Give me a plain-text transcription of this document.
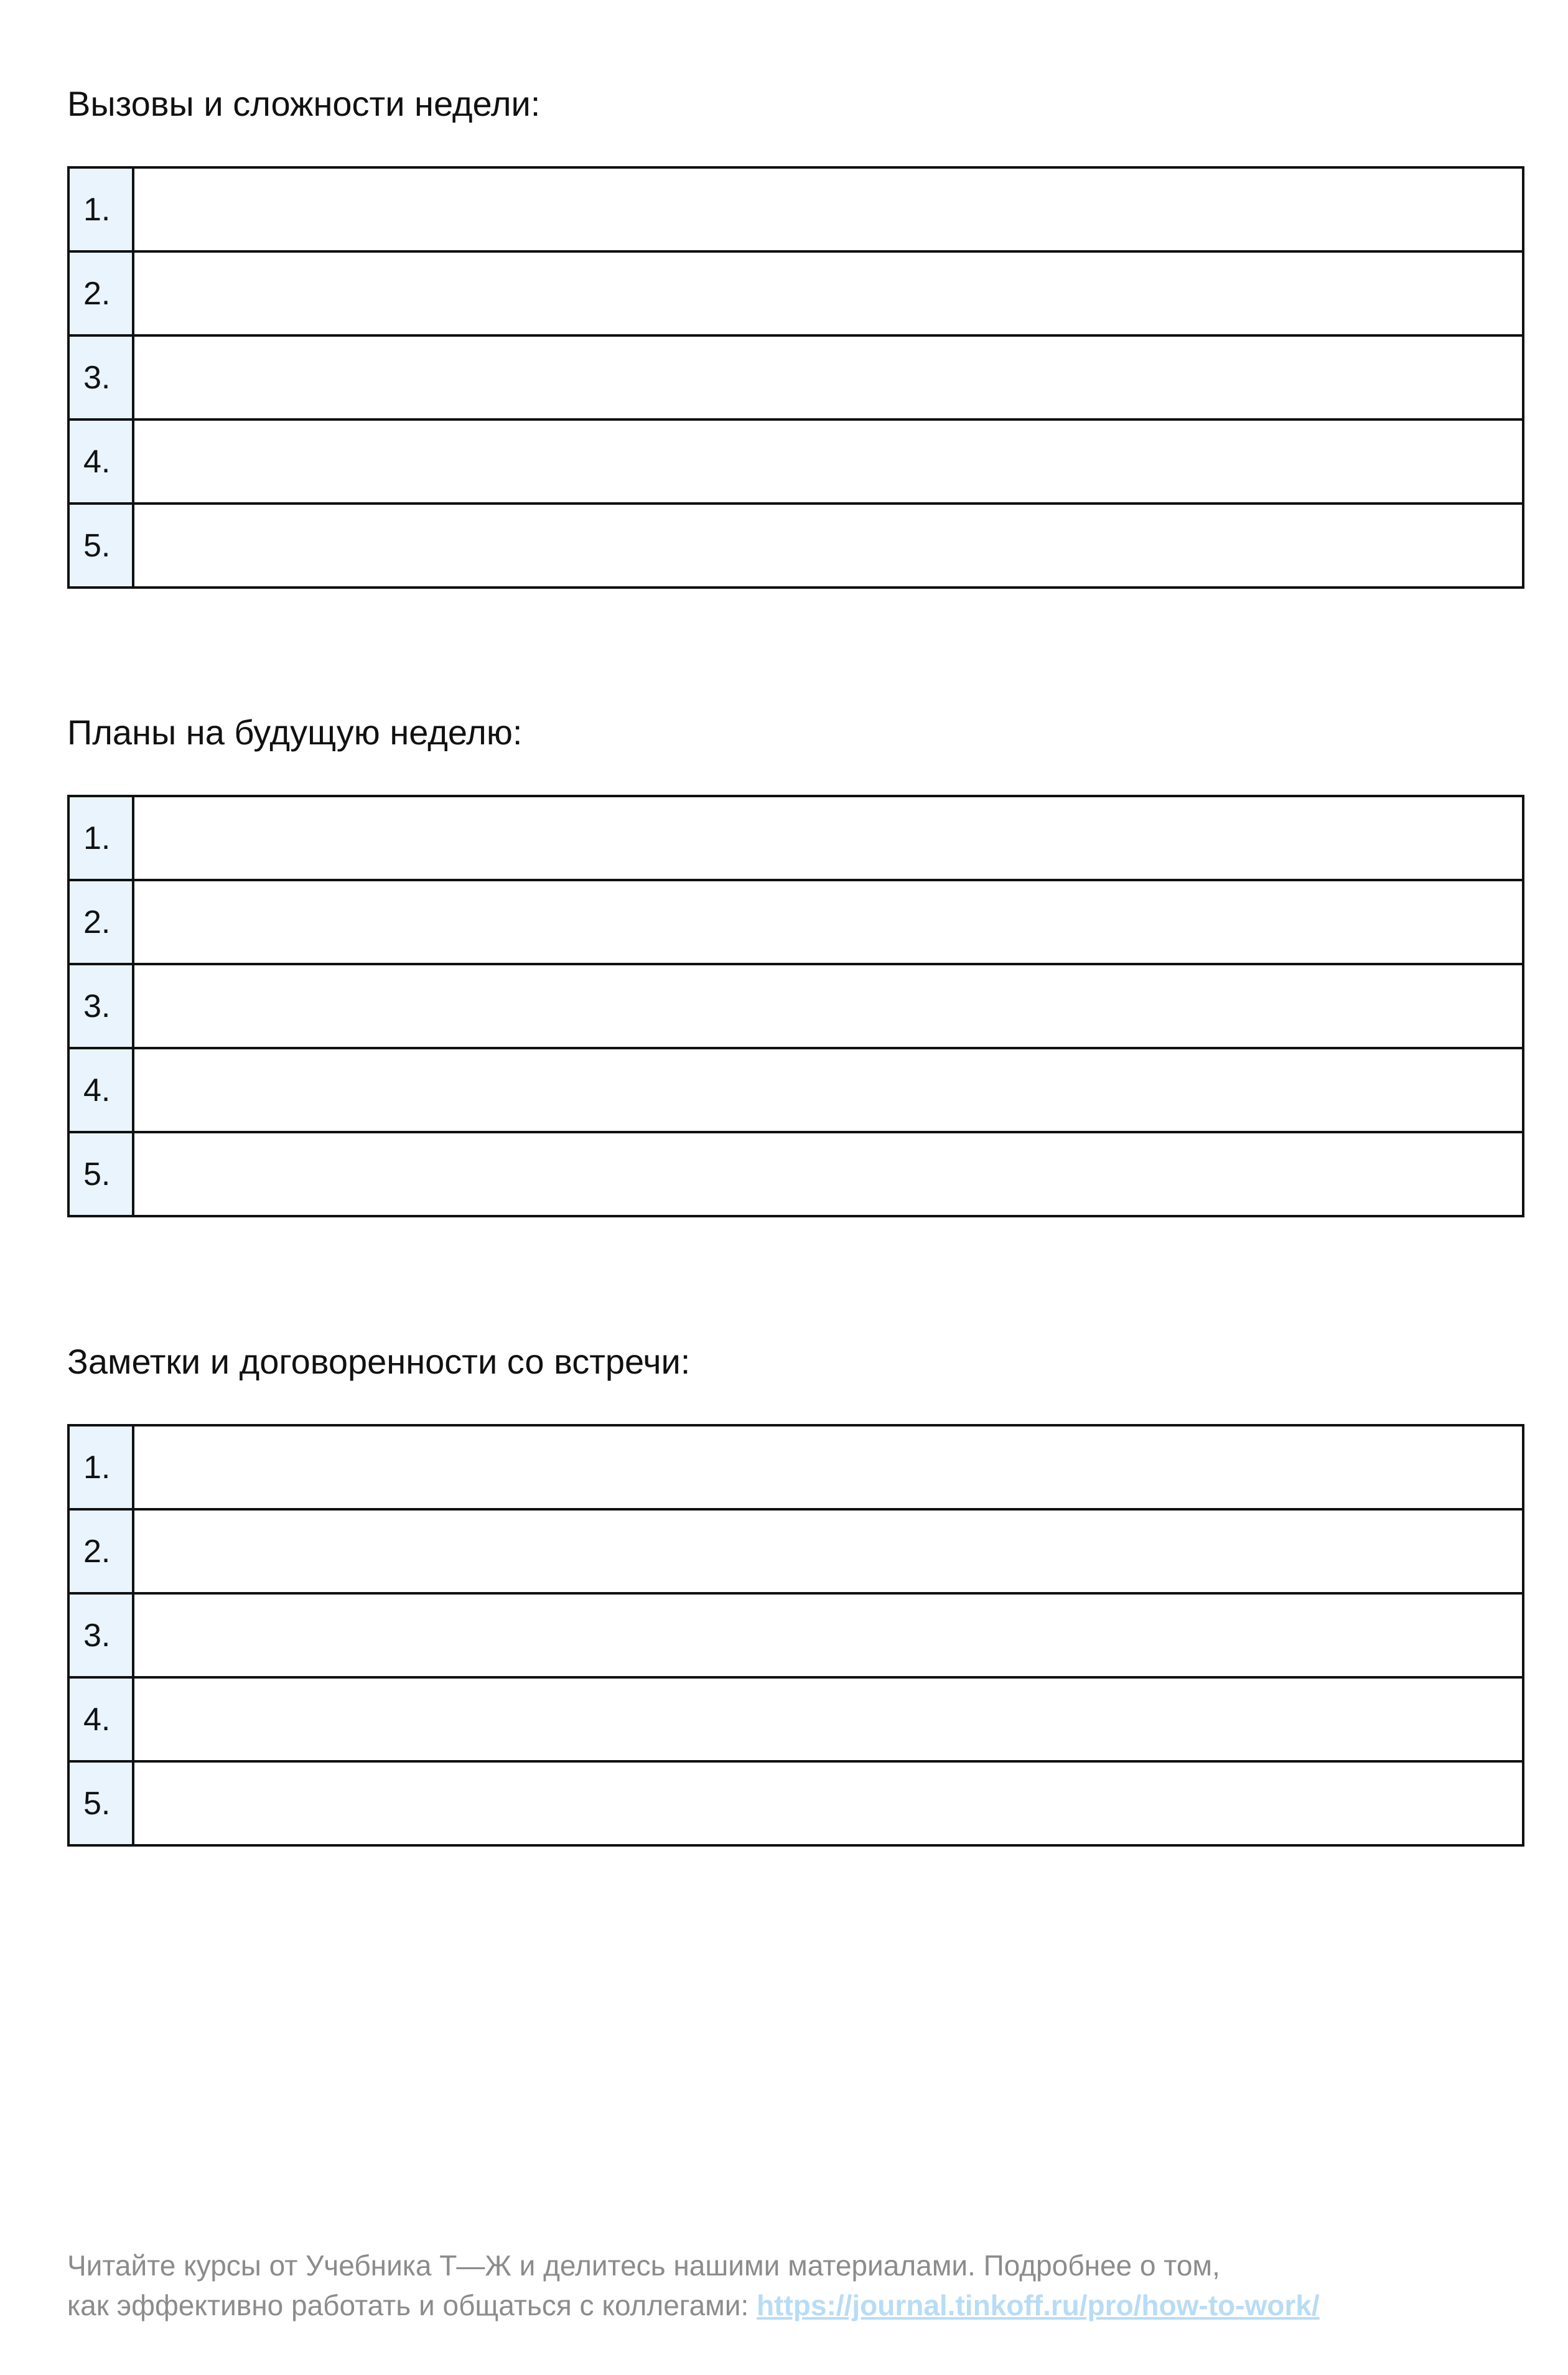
Вызовы и сложности недели:
1.
2.
3.
4.
5.
Планы на будущую неделю:
1.
2.
3.
4.
5.
Заметки и договоренности со встречи:
1.
2.
3.
4.
5.

Читайте курсы от Учебника Т—Ж и делитесь нашими материалами. Подробнее о том,

как эффективно работать и общаться с коллегами: https://journal.tinkoff.ru/pro/how-to-work/
